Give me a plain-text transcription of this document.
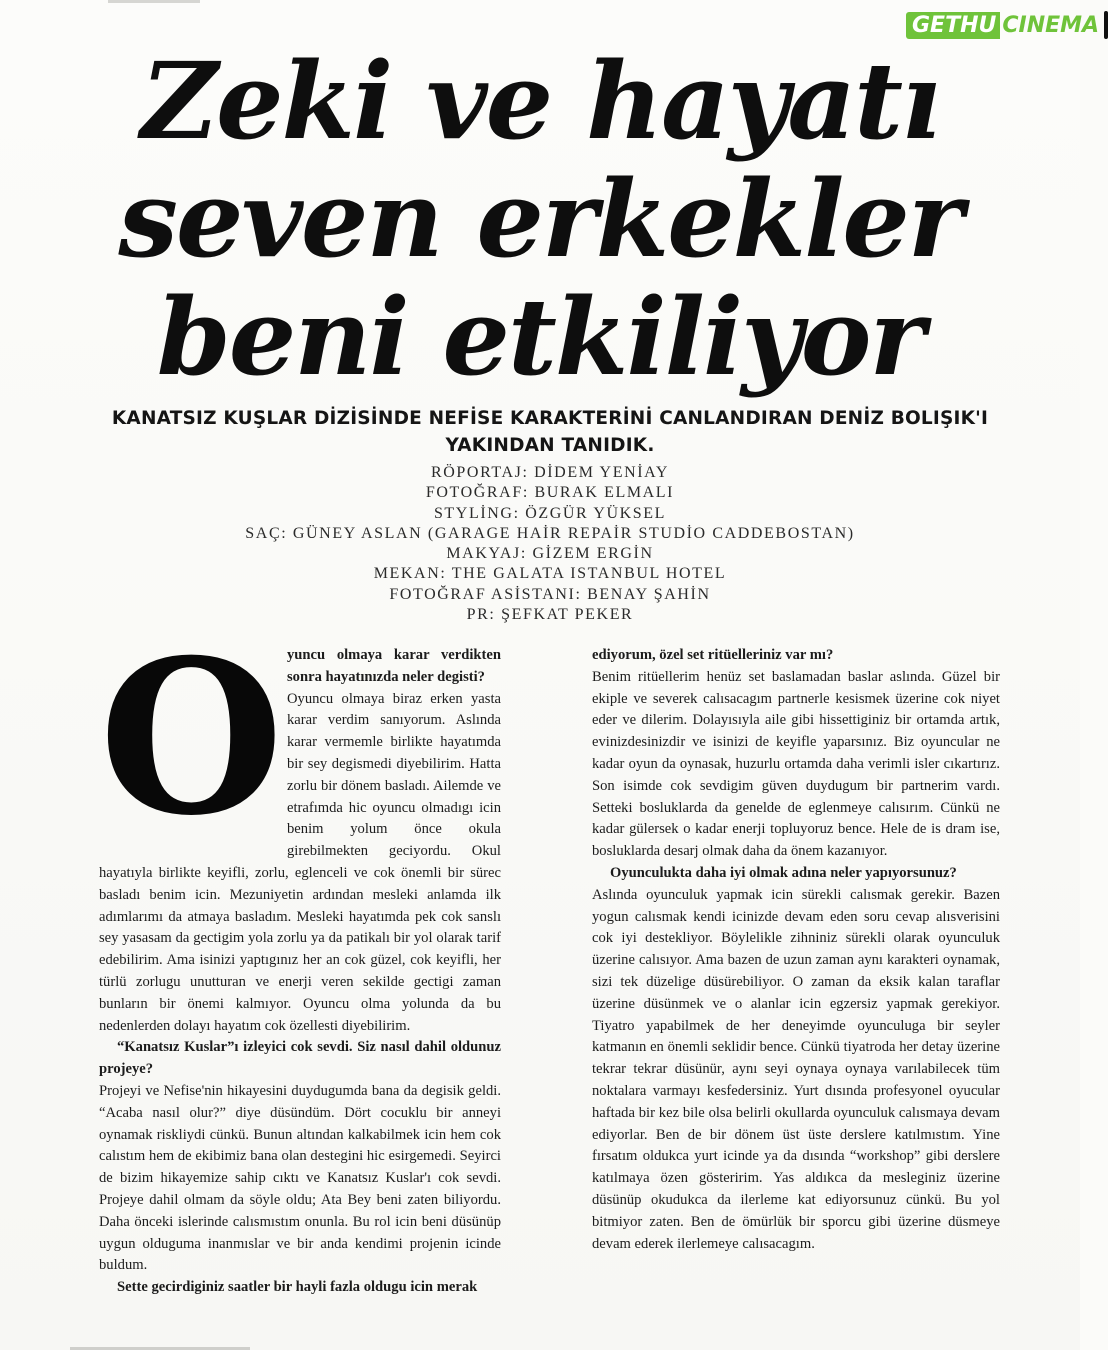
GETHU CINEMA
Zeki ve hayatı
seven erkekler
beni etkiliyor

KANATSIZ KUŞLAR DİZİSİNDE NEFİSE KARAKTERİNİ CANLANDIRAN DENİZ BOLIŞIK'I YAKINDAN TANIDIK.

RÖPORTAJ: DİDEM YENİAY
FOTOĞRAF: BURAK ELMALI
STYLİNG: ÖZGÜR YÜKSEL
SAÇ: GÜNEY ASLAN (GARAGE HAİR REPAİR STUDİO CADDEBOSTAN)
MAKYAJ: GİZEM ERGİN
MEKAN: THE GALATA ISTANBUL HOTEL
FOTOĞRAF ASİSTANI: BENAY ŞAHİN
PR: ŞEFKAT PEKER
O yuncu olmaya karar verdikten sonra hayatınızda neler degisti?

Oyuncu olmaya biraz erken yasta karar verdim sanıyorum. Aslında karar vermemle birlikte hayatımda bir sey degismedi diyebilirim. Hatta zorlu bir dönem basladı. Ailemde ve etrafımda hic oyuncu olmadıgı icin benim yolum önce okula girebilmekten geciyordu. Okul hayatıyla birlikte keyifli, zorlu, eglenceli ve cok önemli bir sürec basladı benim icin. Mezuniyetin ardından mesleki anlamda ilk adımlarımı da atmaya basladım. Mesleki hayatımda pek cok sanslı sey yasasam da gectigim yola zorlu ya da patikalı bir yol olarak tarif edebilirim. Ama isinizi yaptıgınız her an cok güzel, cok keyifli, her türlü zorlugu unutturan ve enerji veren sekilde gectigi zaman bunların bir önemi kalmıyor. Oyuncu olma yolunda da bu nedenlerden dolayı hayatım cok özellesti diyebilirim.

“Kanatsız Kuslar”ı izleyici cok sevdi. Siz nasıl dahil oldunuz projeye?

Projeyi ve Nefise'nin hikayesini duydugumda bana da degisik geldi. “Acaba nasıl olur?” diye düsündüm. Dört cocuklu bir anneyi oynamak riskliydi cünkü. Bunun altından kalkabilmek icin hem cok calıstım hem de ekibimiz bana olan destegini hic esirgemedi. Seyirci de bizim hikayemize sahip cıktı ve Kanatsız Kuslar'ı cok sevdi. Projeye dahil olmam da söyle oldu; Ata Bey beni zaten biliyordu. Daha önceki islerinde calısmıstım onunla. Bu rol icin beni düsünüp uygun olduguma inanmıslar ve bir anda kendimi projenin icinde buldum.

Sette gecirdiginiz saatler bir hayli fazla oldugu icin merak

ediyorum, özel set ritüelleriniz var mı?

Benim ritüellerim henüz set baslamadan baslar aslında. Güzel bir ekiple ve severek calısacagım partnerle kesismek üzerine cok niyet eder ve dilerim. Dolayısıyla aile gibi hissettiginiz bir ortamda artık, evinizdesinizdir ve isinizi de keyifle yaparsınız. Biz oyuncular ne kadar oyun da oynasak, huzurlu ortamda daha verimli isler cıkartırız. Son isimde cok sevdigim güven duydugum bir partnerim vardı. Setteki bosluklarda da genelde de eglenmeye calısırım. Cünkü ne kadar gülersek o kadar enerji topluyoruz bence. Hele de is dram ise, bosluklarda desarj olmak daha da önem kazanıyor.

Oyunculukta daha iyi olmak adına neler yapıyorsunuz?

Aslında oyunculuk yapmak icin sürekli calısmak gerekir. Bazen yogun calısmak kendi icinizde devam eden soru cevap alısverisini cok iyi destekliyor. Böylelikle zihniniz sürekli olarak oyunculuk üzerine calısıyor. Ama bazen de uzun zaman aynı karakteri oynamak, sizi tek düzelige düsürebiliyor. O zaman da eksik kalan taraflar üzerine düsünmek ve o alanlar icin egzersiz yapmak gerekiyor. Tiyatro yapabilmek de her deneyimde oyunculuga bir seyler katmanın en önemli seklidir bence. Cünkü tiyatroda her detay üzerine tekrar tekrar düsünür, aynı seyi oynaya oynaya varılabilecek tüm noktalara varmayı kesfedersiniz. Yurt dısında profesyonel oyucular haftada bir kez bile olsa belirli okullarda oyunculuk calısmaya devam ediyorlar. Ben de bir dönem üst üste derslere katılmıstım. Yine fırsatım oldukca yurt icinde ya da dısında “workshop” gibi derslere katılmaya özen gösteririm. Yas aldıkca da mesleginiz üzerine düsünüp okudukca da ilerleme kat ediyorsunuz cünkü. Bu yol bitmiyor zaten. Ben de ömürlük bir sporcu gibi üzerine düsmeye devam ederek ilerlemeye calısacagım.
